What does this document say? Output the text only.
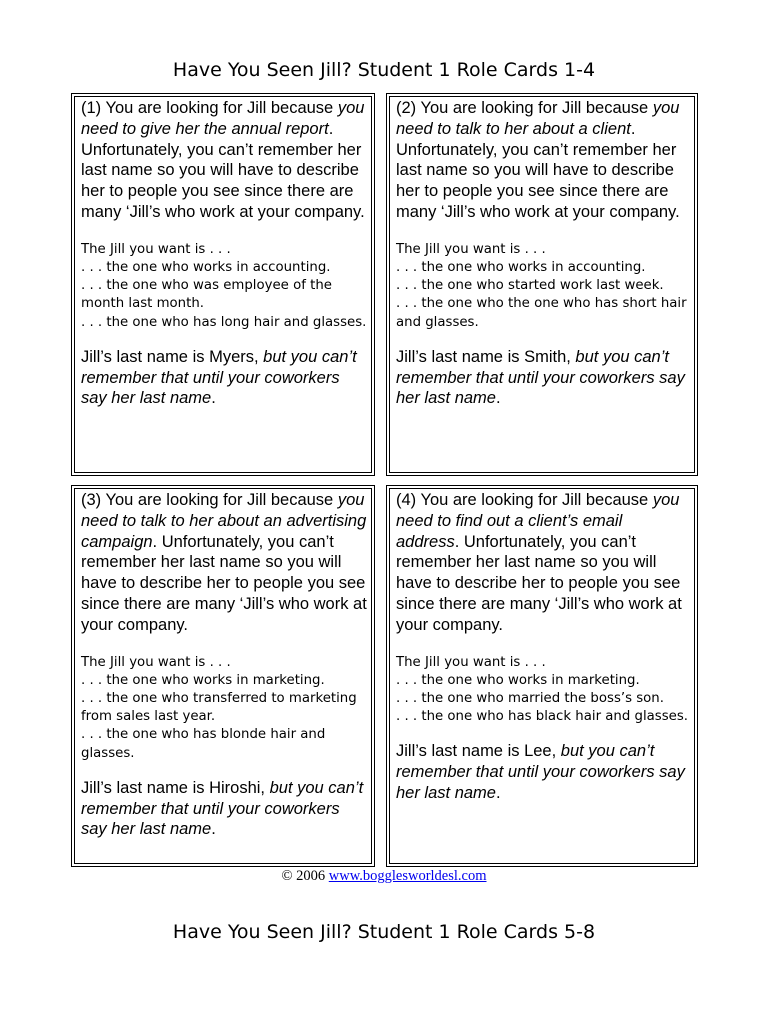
Have You Seen Jill? Student 1 Role Cards 1-4

(1) You are looking for Jill because you need to give her the annual report. Unfortunately, you can’t remember her last name so you will have to describe her to people you see since there are many ‘Jill’s who work at your company.

The Jill you want is . . .
. . . the one who works in accounting.
. . . the one who was employee of the month last month.
. . . the one who has long hair and glasses.

Jill’s last name is Myers, but you can’t remember that until your coworkers say her last name.

(2) You are looking for Jill because you need to talk to her about a client. Unfortunately, you can’t remember her last name so you will have to describe her to people you see since there are many ‘Jill’s who work at your company.

The Jill you want is . . .
. . . the one who works in accounting.
. . . the one who started work last week.
. . . the one who the one who has short hair and glasses.

Jill’s last name is Smith, but you can’t remember that until your coworkers say her last name.

(3) You are looking for Jill because you need to talk to her about an advertising campaign. Unfortunately, you can’t remember her last name so you will have to describe her to people you see since there are many ‘Jill’s who work at your company.

The Jill you want is . . .
. . . the one who works in marketing.
. . . the one who transferred to marketing from sales last year.
. . . the one who has blonde hair and glasses.

Jill’s last name is Hiroshi, but you can’t remember that until your coworkers say her last name.

(4) You are looking for Jill because you need to find out a client’s email address. Unfortunately, you can’t remember her last name so you will have to describe her to people you see since there are many ‘Jill’s who work at your company.

The Jill you want is . . .
. . . the one who works in marketing.
. . . the one who married the boss’s son.
. . . the one who has black hair and glasses.

Jill’s last name is Lee, but you can’t remember that until your coworkers say her last name.

© 2006 www.bogglesworldesl.com
Have You Seen Jill? Student 1 Role Cards 5-8
